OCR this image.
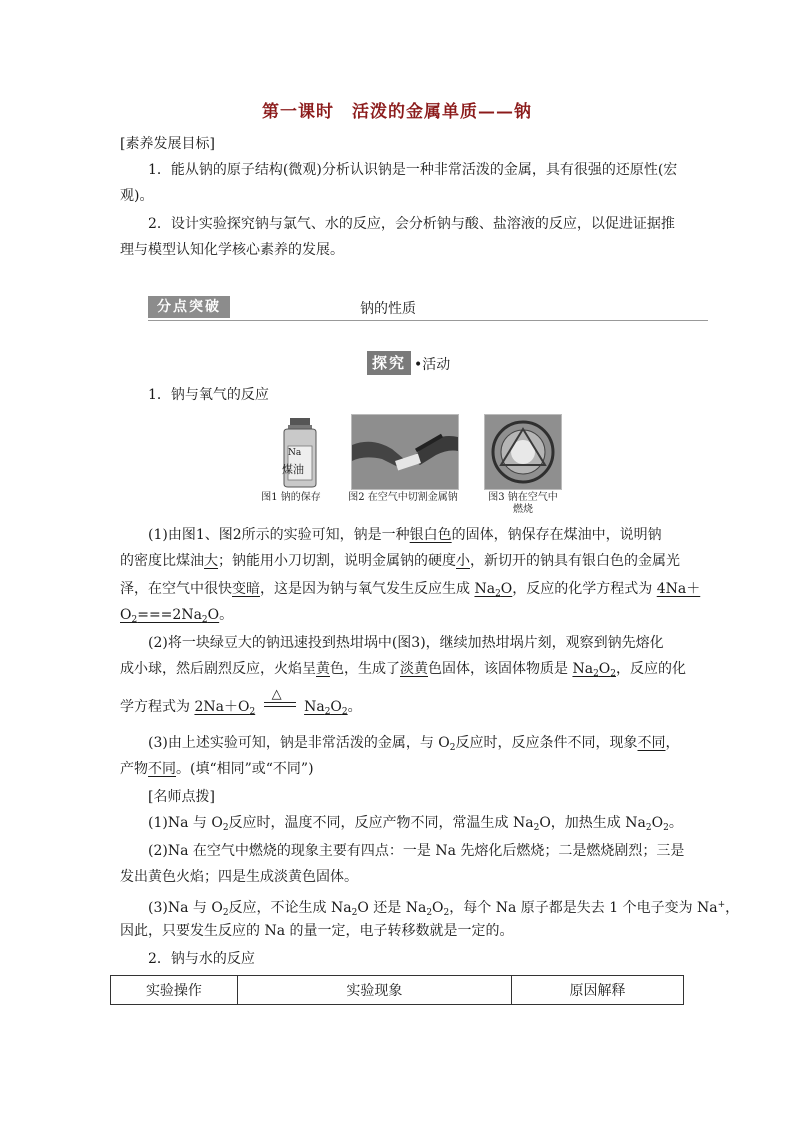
第一课时　活泼的金属单质——钠
[素养发展目标]
1．能从钠的原子结构(微观)分析认识钠是一种非常活泼的金属，具有很强的还原性(宏
观)。
2．设计实验探究钠与氯气、水的反应，会分析钠与酸、盐溶液的反应，以促进证据推
理与模型认知化学核心素养的发展。
分点突破	钠的性质
探究 •活动
1．钠与氧气的反应
Na
煤油
图1 钠的保存	图2 在空气中切割金属钠	图3 钠在空气中
燃烧
(1)由图1、图2所示的实验可知，钠是一种银白色的固体，钠保存在煤油中，说明钠
的密度比煤油大；钠能用小刀切割，说明金属钠的硬度小，新切开的钠具有银白色的金属光
泽，在空气中很快变暗，这是因为钠与氧气发生反应生成 $Na_2O$，反应的化学方程式为 4Na＋
$O_2===2Na_2O$。
(2)将一块绿豆大的钠迅速投到热坩埚中(图3)，继续加热坩埚片刻，观察到钠先熔化
成小球，然后剧烈反应，火焰呈黄色，生成了淡黄色固体，该固体物质是 $Na_2O_2$，反应的化
学方程式为 $2Na+O_2$
△
$Na_2O_2$。
(3)由上述实验可知，钠是非常活泼的金属，与 $O_2$反应时，反应条件不同，现象不同，
产物不同。(填“相同”或“不同”)
[名师点拨]
(1)Na 与 $O_2$反应时，温度不同，反应产物不同，常温生成 $Na_2O$，加热生成 $Na_2O_2$。
(2)Na 在空气中燃烧的现象主要有四点：一是 Na 先熔化后燃烧；二是燃烧剧烈；三是
发出黄色火焰；四是生成淡黄色固体。
(3)Na 与 $O_2$反应，不论生成 $Na_2O$ 还是 $Na_2O_2$，每个 Na 原子都是失去 1 个电子变为 Na+，
因此，只要发生反应的 Na 的量一定，电子转移数就是一定的。
2．钠与水的反应
实验操作	实验现象	原因解释
